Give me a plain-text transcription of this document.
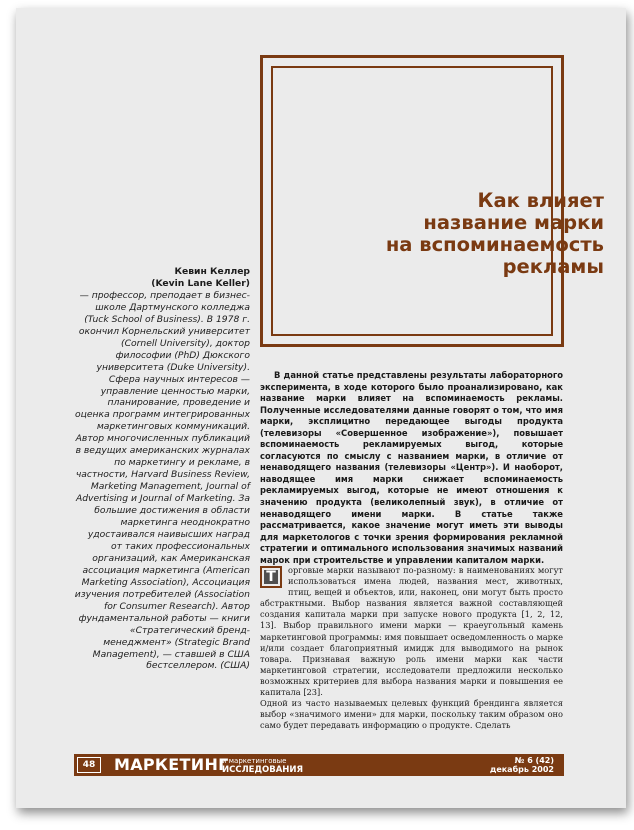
Как влияет
название марки
на вспоминаемость
рекламы
Кевин Келлер
(Kevin Lane Keller)
— профессор, преподает в бизнес-школе Дартмунского колледжа (Tuck School of Business). В 1978 г. окончил Корнельский университет (Cornell University), доктор философии (PhD) Дюкского университета (Duke University). Сфера научных интересов — управление ценностью марки, планирование, проведение и оценка программ интегрированных маркетинговых коммуникаций. Автор многочисленных публикаций в ведущих американских журналах по маркетингу и рекламе, в частности, Harvard Business Review, Marketing Management, Journal of Advertising и Journal of Marketing. За большие достижения в области маркетинга неоднократно удостаивался наивысших наград от таких профессиональных организаций, как Американская ассоциация маркетинга (American Marketing Association), Ассоциация изучения потребителей (Association for Consumer Research). Автор фундаментальной работы — книги «Стратегический бренд-менеджмент» (Strategic Brand Management), — ставшей в США бестселлером. (США)

В данной статье представлены результаты лабораторного эксперимента, в ходе которого было проанализировано, как название марки влияет на вспоминаемость рекламы. Полученные исследователями данные говорят о том, что имя марки, эксплицитно передающее выгоды продукта (телевизоры «Совершенное изображение»), повышает вспоминаемость рекламируемых выгод, которые согласуются по смыслу с названием марки, в отличие от ненаводящего названия (телевизоры «Центр»). И наоборот, наводящее имя марки снижает вспоминаемость рекламируемых выгод, которые не имеют отношения к значению продукта (великолепный звук), в отличие от ненаводящего имени марки. В статье также рассматривается, какое значение могут иметь эти выводы для маркетологов с точки зрения формирования рекламной стратегии и оптимального использования значимых названий марок при строительстве и управлении капиталом марки.

Т	орговые марки называют по-разному: в наименованиях могут использоваться имена людей, названия мест, животных, птиц, вещей и объектов, или, наконец, они могут быть просто абстрактными. Выбор названия является важной составляющей создания капитала марки при запуске нового продукта [1, 2, 12, 13]. Выбор правильного имени марки — краеугольный камень маркетинговой программы: имя повышает осведомленность о марке и/или создает благоприятный имидж для выводимого на рынок товара. Признавая важную роль имени марки как части маркетинговой стратегии, исследователи предложили несколько возможных критериев для выбора названия марки и повышения ее капитала [23].

Одной из часто называемых целевых функций брендинга является выбор «значимого имени» для марки, поскольку таким образом оно само будет передавать информацию о продукте. Сделать

48	МАРКЕТИНГ
и маркетинговые
ИССЛЕДОВАНИЯ
№ 6 (42)
декабрь 2002
